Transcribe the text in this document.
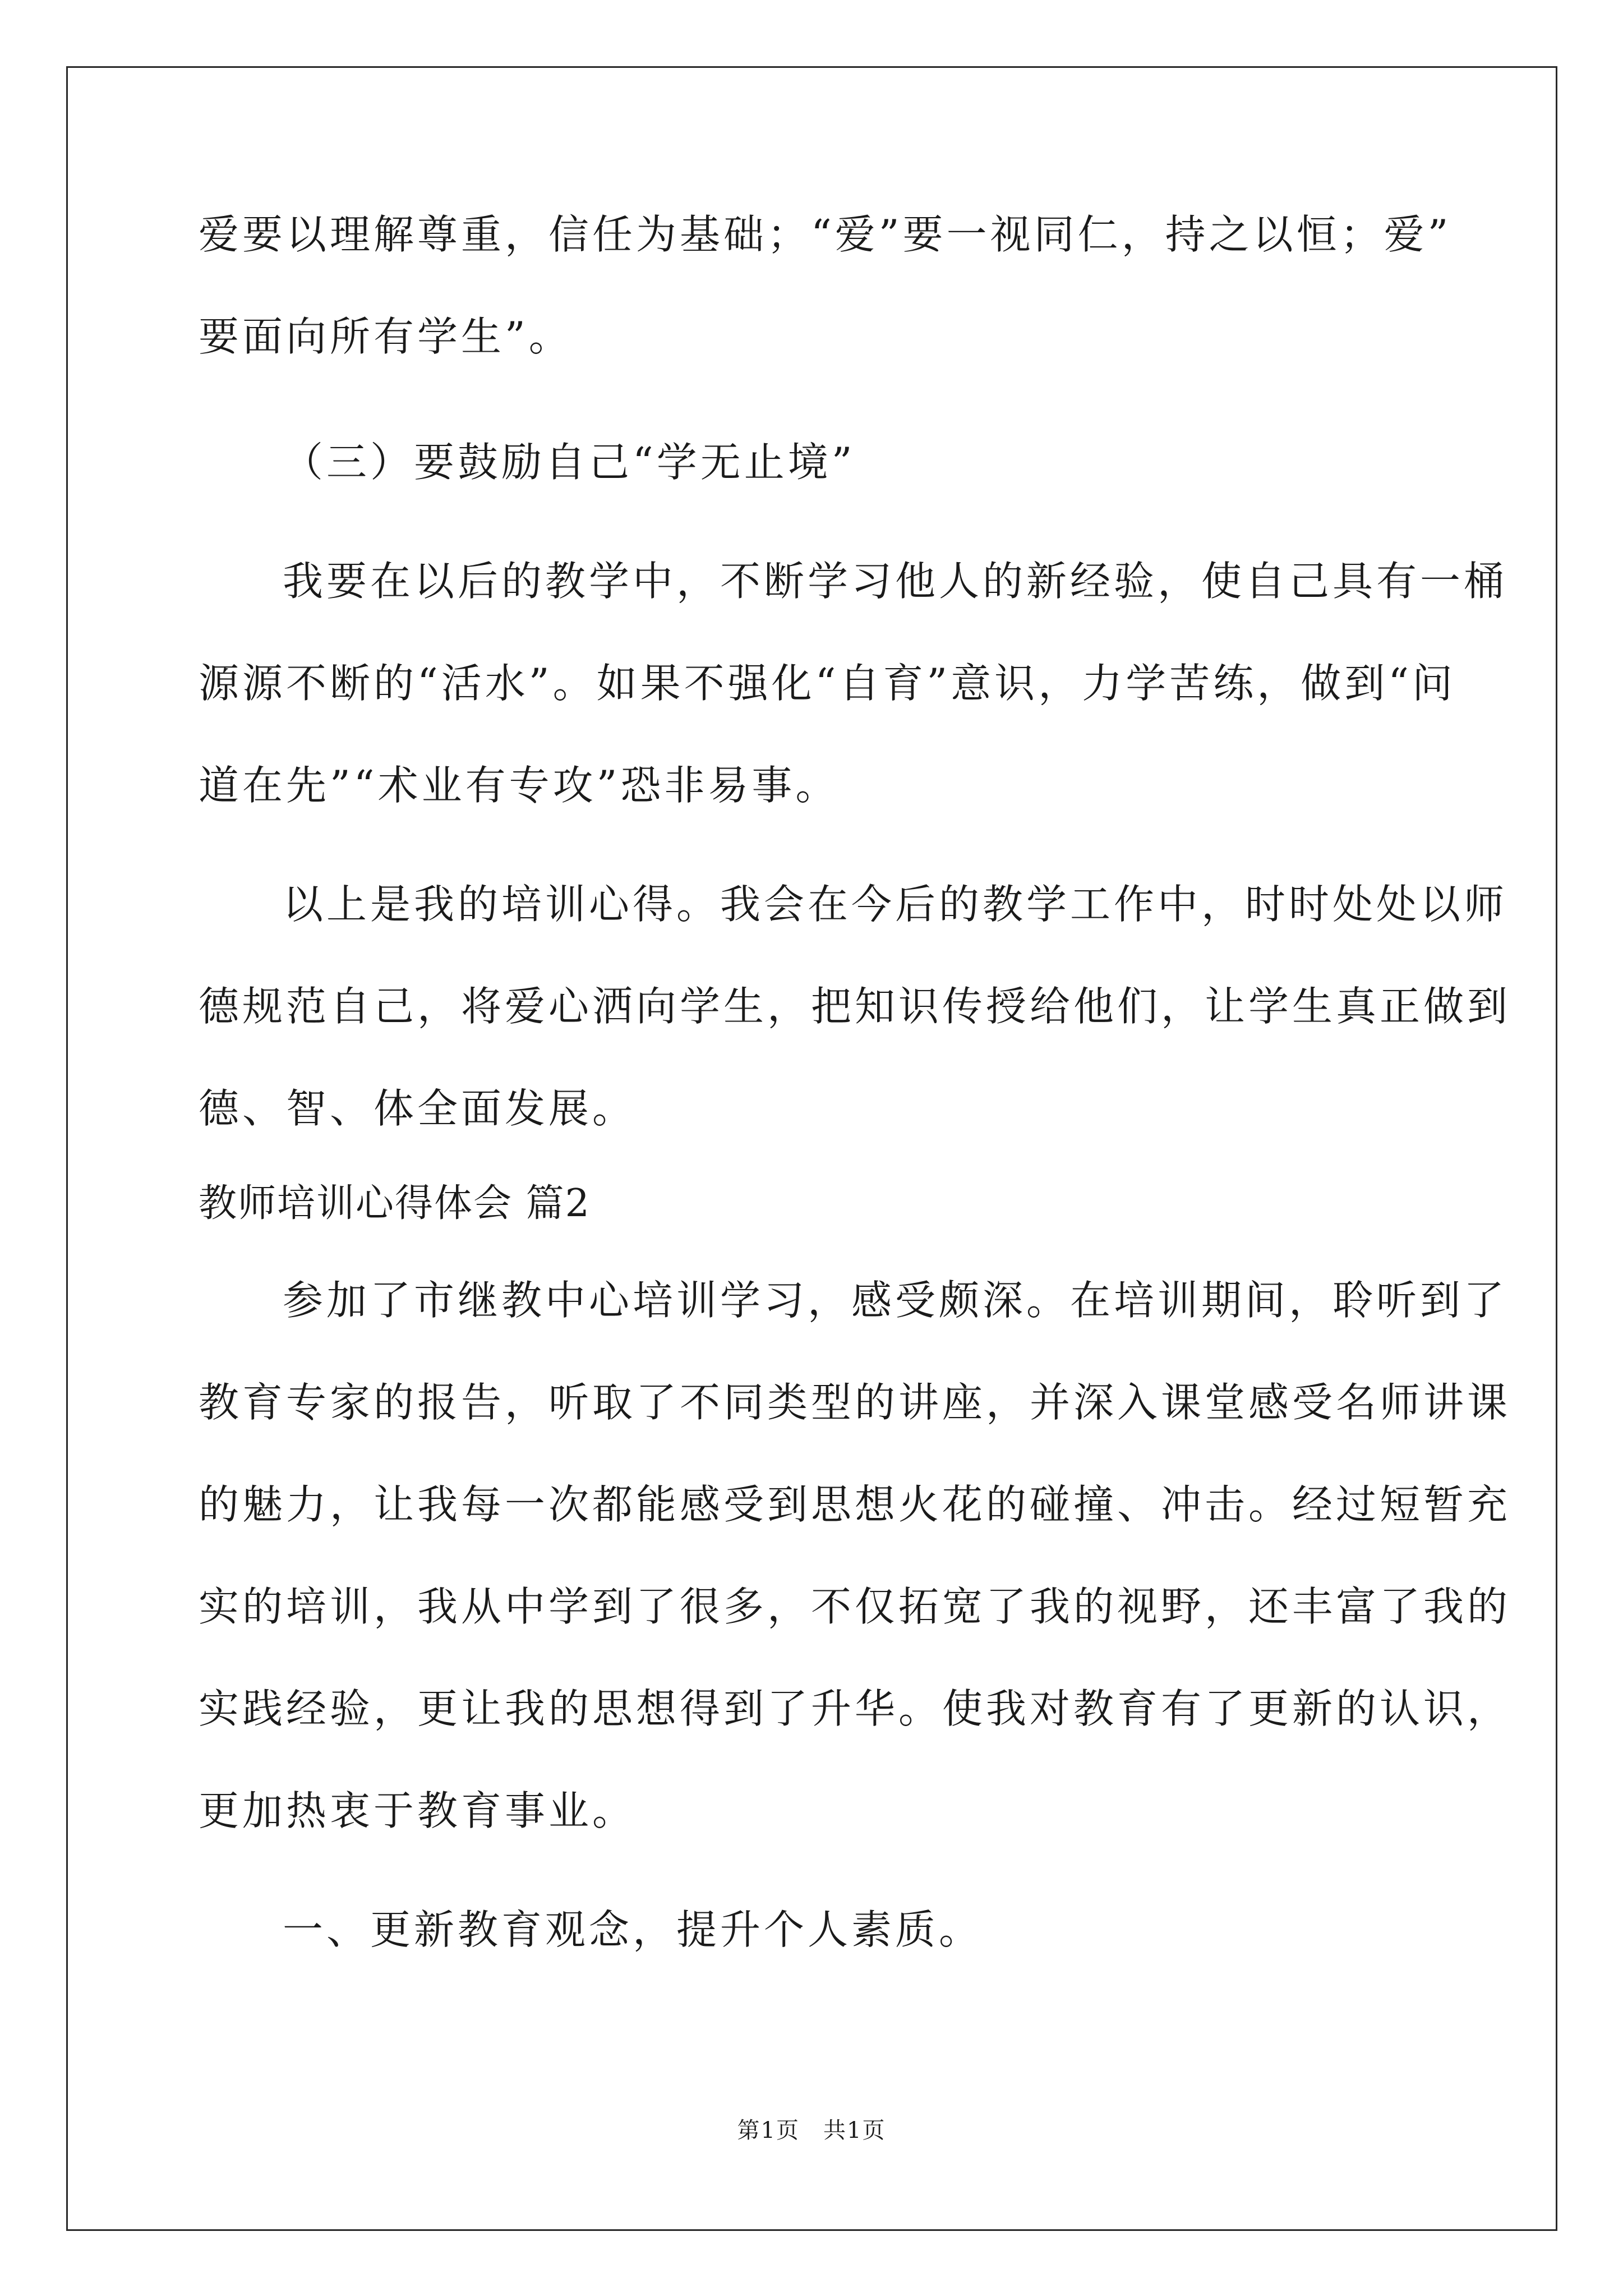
爱要以理解尊重，信任为基础；“爱”要一视同仁，持之以恒；爱”
要面向所有学生”。
（三）要鼓励自己“学无止境”
我要在以后的教学中，不断学习他人的新经验，使自己具有一桶
源源不断的“活水”。如果不强化“自育”意识，力学苦练，做到“问
道在先”“术业有专攻”恐非易事。
以上是我的培训心得。我会在今后的教学工作中，时时处处以师
德规范自己，将爱心洒向学生，把知识传授给他们，让学生真正做到
德、智、体全面发展。
教师培训心得体会 篇2
参加了市继教中心培训学习，感受颇深。在培训期间，聆听到了
教育专家的报告，听取了不同类型的讲座，并深入课堂感受名师讲课
的魅力，让我每一次都能感受到思想火花的碰撞、冲击。经过短暂充
实的培训，我从中学到了很多，不仅拓宽了我的视野，还丰富了我的
实践经验，更让我的思想得到了升华。使我对教育有了更新的认识，
更加热衷于教育事业。
一、更新教育观念，提升个人素质。
第1页　共1页
